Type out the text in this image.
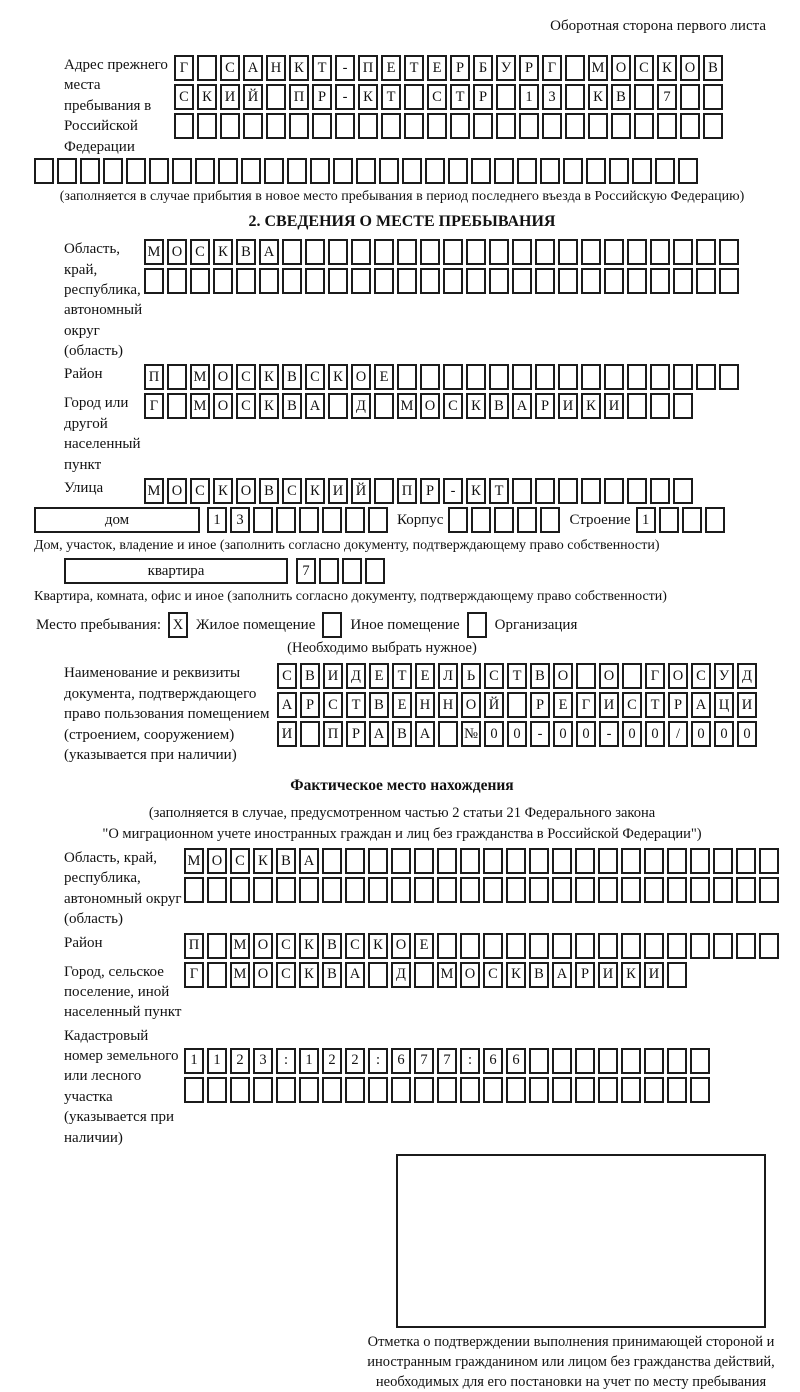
Оборотная сторона первого листа
Адрес прежнего места пребывания в Российской Федерации
Г	С А Н К Т	-	П Е Т Е	Р	Б У Р	Г	М О С К О В
С К И Й	П Р	-	К Т	С Т	Р	1	3	К В	7
(заполняется в случае прибытия в новое место пребывания в период последнего въезда в Российскую Федерацию)
2. СВЕДЕНИЯ О МЕСТЕ ПРЕБЫВАНИЯ
Область, край, республика, автономный округ (область)
М О С К В А
Район	П	М О С К В С К О Е
Город или другой населенный пункт
Г	М О С К В А	Д	М О С К В А Р И К И
Улица	М О С К О В С К И Й	П Р	-	К Т
дом	1	3	Корпус	Строение 1
Дом, участок, владение и иное (заполнить согласно документу, подтверждающему право собственности)
квартира	7
Квартира, комната, офис и иное (заполнить согласно документу, подтверждающему право собственности)
Место пребывания: X Жилое помещение Иное помещение Организация
(Необходимо выбрать нужное)
Наименование и реквизиты документа, подтверждающего право пользования помещением (строением, сооружением) (указывается при наличии)
С В И Д Е Т Е Л Ь С Т В О	О	Г О С У Д
А Р С Т В Е Н Н О Й	Р	Е Г И С Т	Р А Ц И
И	П Р А В А	№ 0	0	-	0	0	-	0	0	/	0	0	0
Фактическое место нахождения
(заполняется в случае, предусмотренном частью 2 статьи 21 Федерального закона
"О миграционном учете иностранных граждан и лиц без гражданства в Российской Федерации")
Область, край, республика, автономный округ (область)
М О С К В А
Район	П	М О С К В С К О Е
Город, сельское поселение, иной населенный пункт
Г	М О С К В А	Д	М О С К В А Р И К И
Кадастровый номер земельного или лесного участка (указывается при наличии)
1	1	2	3	:	1	2	2	:	6	7	7	:	6	6
Отметка о подтверждении выполнения принимающей стороной и иностранным гражданином или лицом без гражданства действий, необходимых для его постановки на учет по месту пребывания
